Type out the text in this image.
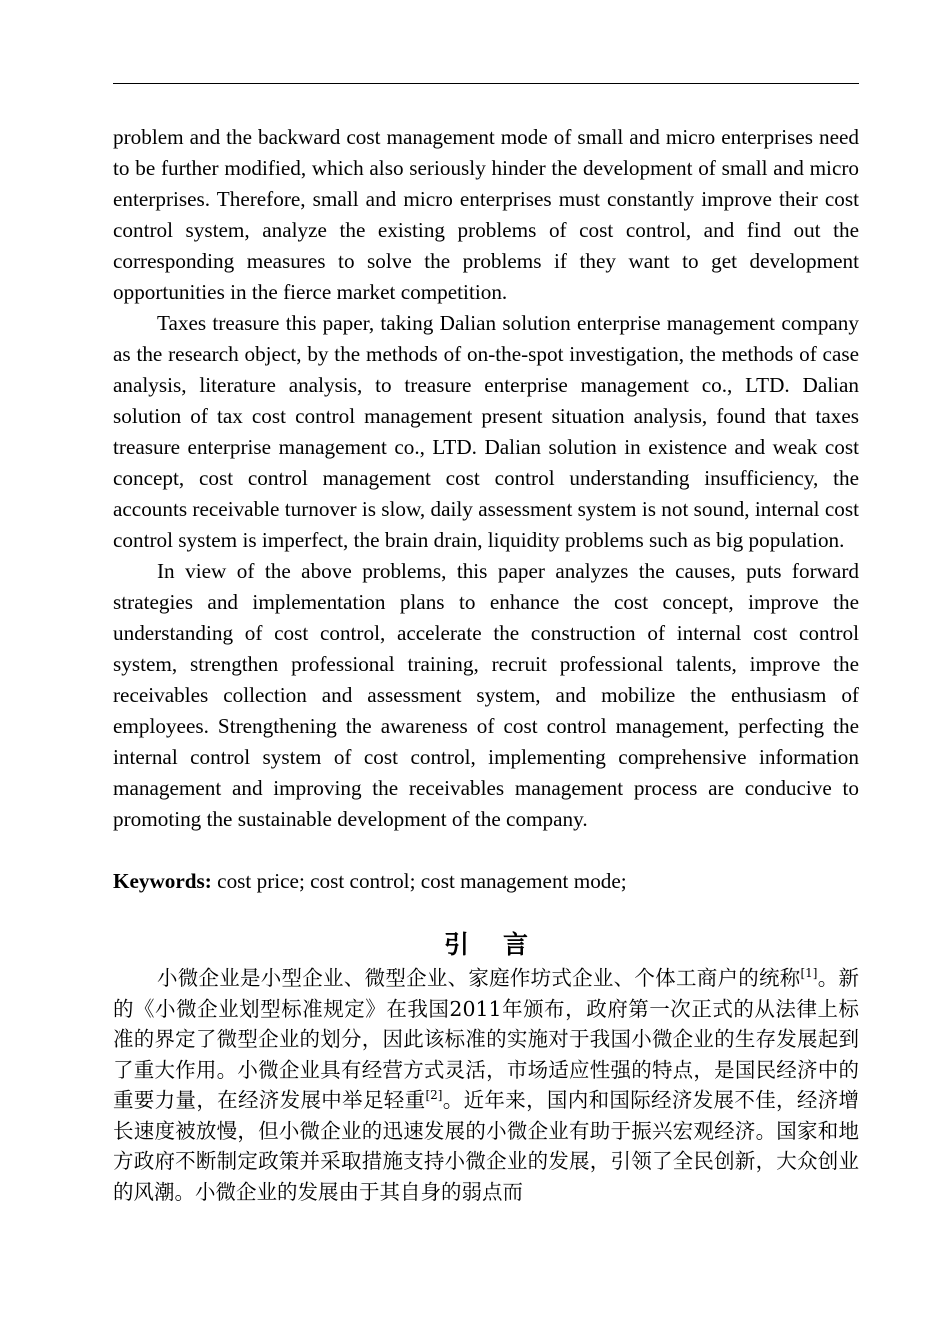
problem and the backward cost management mode of small and micro enterprises need to be further modified, which also seriously hinder the development of small and micro enterprises. Therefore, small and micro enterprises must constantly improve their cost control system, analyze the existing problems of cost control, and find out the corresponding measures to solve the problems if they want to get development opportunities in the fierce market competition.

Taxes treasure this paper, taking Dalian solution enterprise management company as the research object, by the methods of on-the-spot investigation, the methods of case analysis, literature analysis, to treasure enterprise management co., LTD. Dalian solution of tax cost control management present situation analysis, found that taxes treasure enterprise management co., LTD. Dalian solution in existence and weak cost concept, cost control management cost control understanding insufficiency, the accounts receivable turnover is slow, daily assessment system is not sound, internal cost control system is imperfect, the brain drain, liquidity problems such as big population.

In view of the above problems, this paper analyzes the causes, puts forward strategies and implementation plans to enhance the cost concept, improve the understanding of cost control, accelerate the construction of internal cost control system, strengthen professional training, recruit professional talents, improve the receivables collection and assessment system, and mobilize the enthusiasm of employees. Strengthening the awareness of cost control management, perfecting the internal control system of cost control, implementing comprehensive information management and improving the receivables management process are conducive to promoting the sustainable development of the company.

Keywords: cost price; cost control; cost management mode;

引言

小微企业是小型企业、微型企业、家庭作坊式企业、个体工商户的统称[1]。新的《小微企业划型标准规定》在我国2011年颁布，政府第一次正式的从法律上标准的界定了微型企业的划分，因此该标准的实施对于我国小微企业的生存发展起到了重大作用。小微企业具有经营方式灵活，市场适应性强的特点，是国民经济中的重要力量，在经济发展中举足轻重[2]。近年来，国内和国际经济发展不佳，经济增长速度被放慢，但小微企业的迅速发展的小微企业有助于振兴宏观经济。国家和地方政府不断制定政策并采取措施支持小微企业的发展，引领了全民创新，大众创业的风潮。小微企业的发展由于其自身的弱点而
